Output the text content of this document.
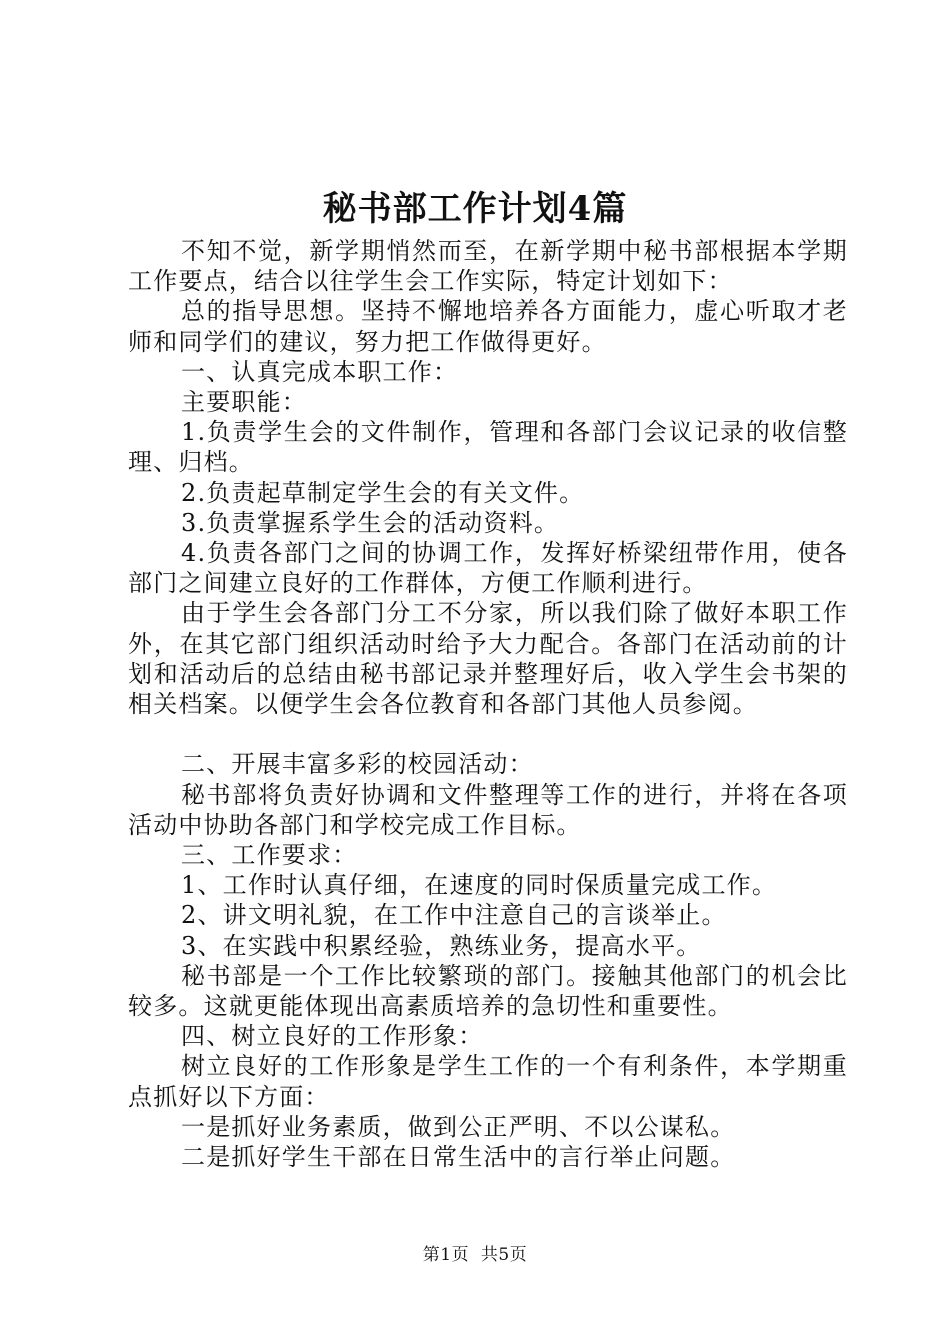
秘书部工作计划4篇

不知不觉，新学期悄然而至，在新学期中秘书部根据本学期工作要点，结合以往学生会工作实际，特定计划如下：

总的指导思想。坚持不懈地培养各方面能力，虚心听取才老师和同学们的建议，努力把工作做得更好。

一、认真完成本职工作：

主要职能：

1.负责学生会的文件制作，管理和各部门会议记录的收信整理、归档。

2.负责起草制定学生会的有关文件。

3.负责掌握系学生会的活动资料。

4.负责各部门之间的协调工作，发挥好桥梁纽带作用，使各部门之间建立良好的工作群体，方便工作顺利进行。

由于学生会各部门分工不分家，所以我们除了做好本职工作外，在其它部门组织活动时给予大力配合。各部门在活动前的计划和活动后的总结由秘书部记录并整理好后，收入学生会书架的相关档案。以便学生会各位教育和各部门其他人员参阅。

二、开展丰富多彩的校园活动：

秘书部将负责好协调和文件整理等工作的进行，并将在各项活动中协助各部门和学校完成工作目标。

三、工作要求：

1、工作时认真仔细，在速度的同时保质量完成工作。

2、讲文明礼貌，在工作中注意自己的言谈举止。

3、在实践中积累经验，熟练业务，提高水平。

秘书部是一个工作比较繁琐的部门。接触其他部门的机会比较多。这就更能体现出高素质培养的急切性和重要性。

四、树立良好的工作形象：

树立良好的工作形象是学生工作的一个有利条件，本学期重点抓好以下方面：

一是抓好业务素质，做到公正严明、不以公谋私。

二是抓好学生干部在日常生活中的言行举止问题。

第1页 共5页
